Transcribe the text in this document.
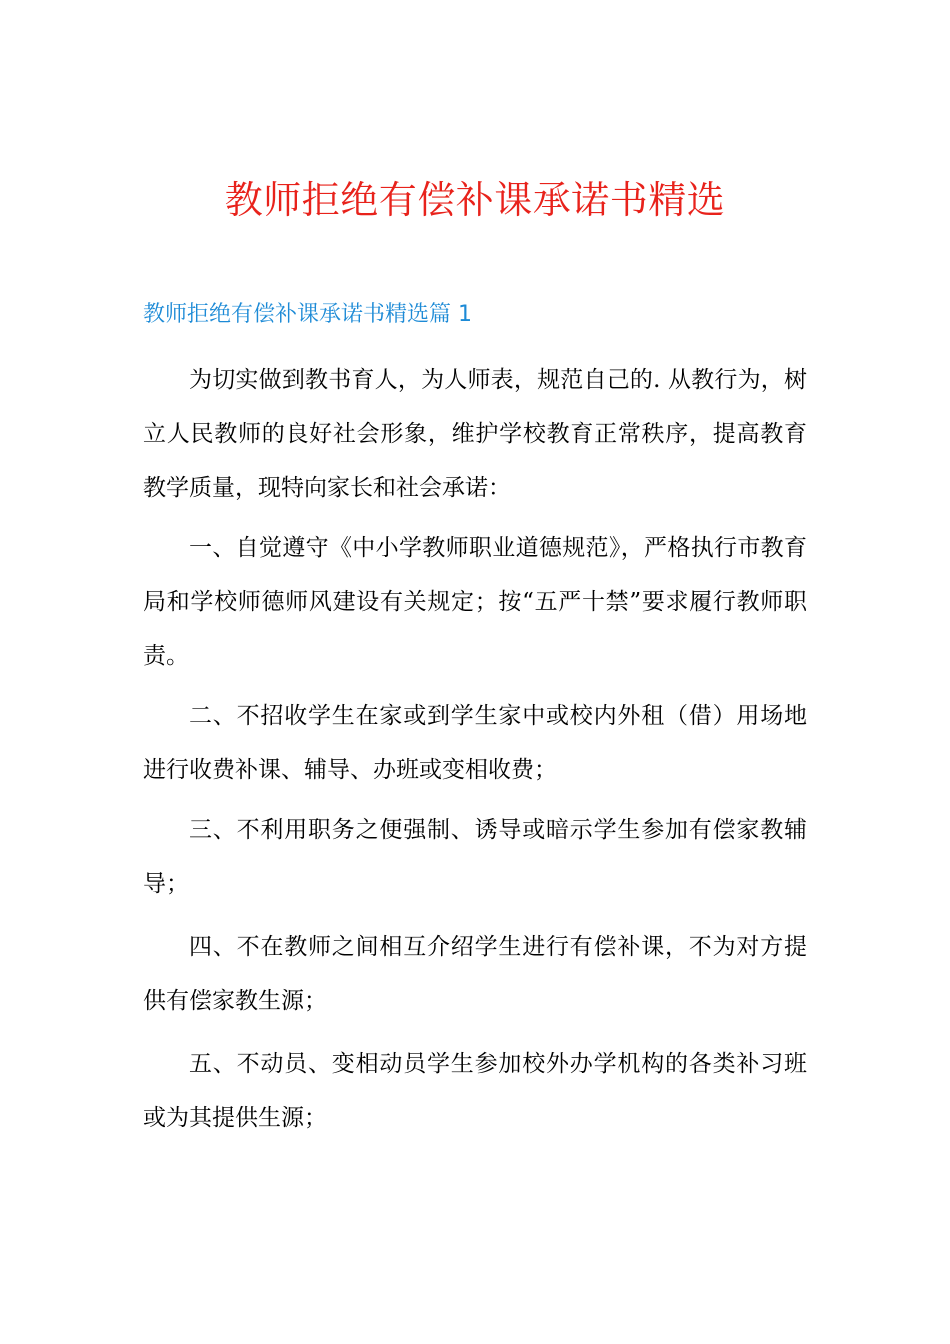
教师拒绝有偿补课承诺书精选
教师拒绝有偿补课承诺书精选篇 1

为切实做到教书育人，为人师表，规范自己的. 从教行为，树立人民教师的良好社会形象，维护学校教育正常秩序，提高教育教学质量，现特向家长和社会承诺：

一、自觉遵守《中小学教师职业道德规范》，严格执行市教育局和学校师德师风建设有关规定；按“五严十禁”要求履行教师职责。

二、不招收学生在家或到学生家中或校内外租（借）用场地进行收费补课、辅导、办班或变相收费；

三、不利用职务之便强制、诱导或暗示学生参加有偿家教辅导；

四、不在教师之间相互介绍学生进行有偿补课，不为对方提供有偿家教生源；

五、不动员、变相动员学生参加校外办学机构的各类补习班或为其提供生源；
